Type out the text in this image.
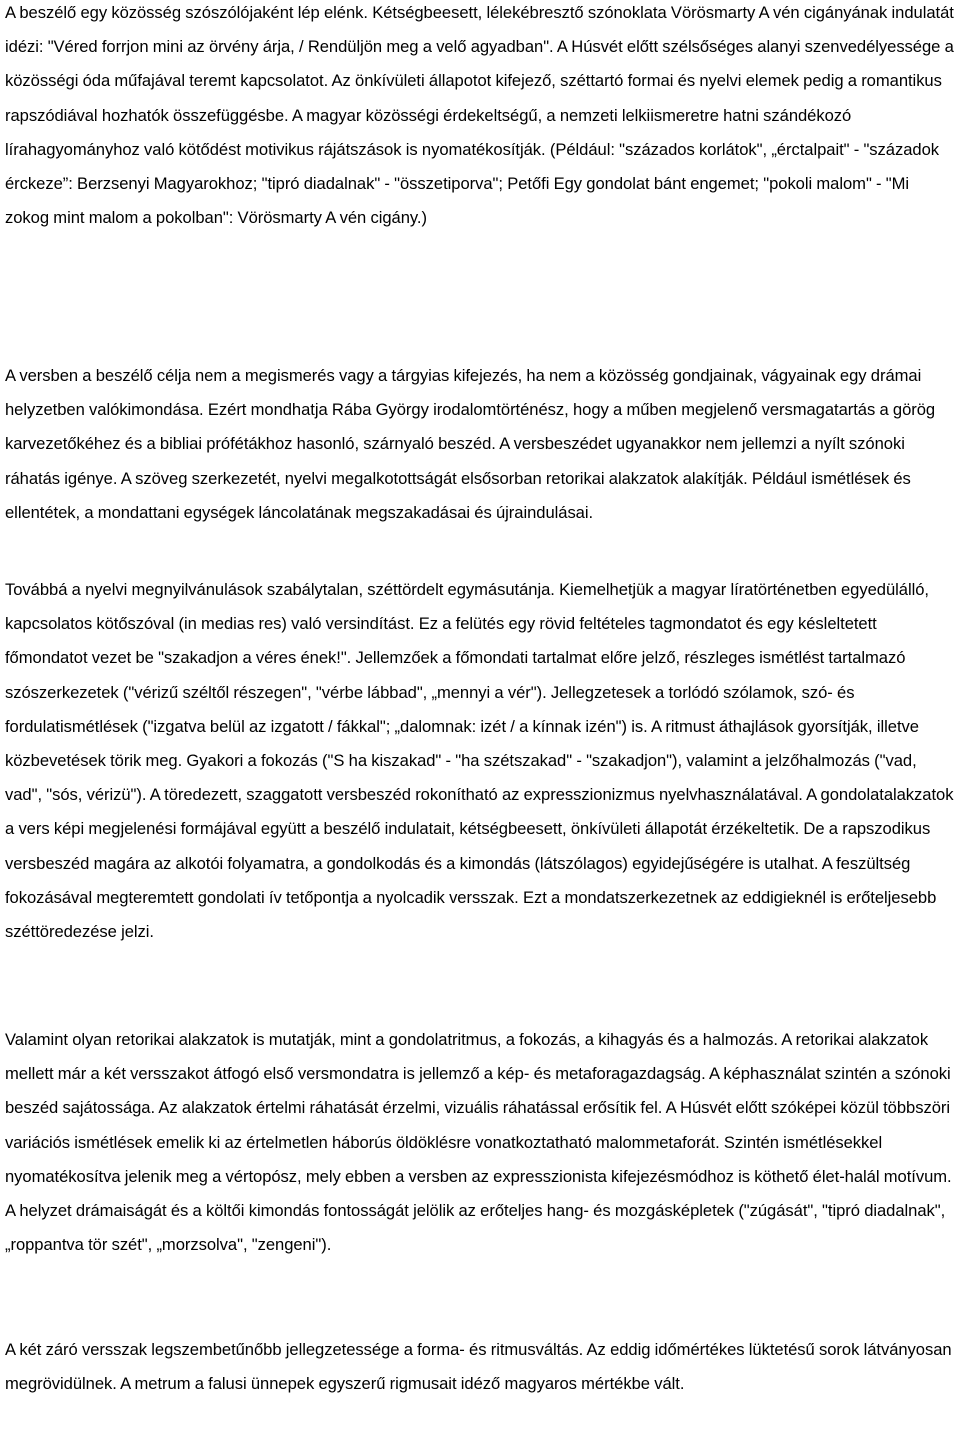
A beszélő egy közösség szószólójaként lép elénk. Kétségbeesett, lélekébresztő szónoklata Vörösmarty A vén cigányának indulatát idézi: "Véred forrjon mini az örvény árja, / Rendüljön meg a velő agyadban". A Húsvét előtt szélsőséges alanyi szenvedélyessége a közösségi óda műfajával teremt kapcsolatot. Az önkívületi állapotot kifejező, széttartó formai és nyelvi elemek pedig a romantikus rapszódiával hozhatók összefüggésbe. A magyar közösségi érdekeltségű, a nemzeti lelkiismeretre hatni szándékozó lírahagyományhoz való kötődést motivikus rájátszások is nyomatékosítják. (Például: "százados korlátok", „érctalpait" - "századok érckeze”: Berzsenyi Magyarokhoz; "tipró diadalnak" - "összetiporva"; Petőfi Egy gondolat bánt engemet; "pokoli malom" - "Mi zokog mint malom a pokolban": Vörösmarty A vén cigány.)

A versben a beszélő célja nem a megismerés vagy a tárgyias kifejezés, ha nem a közösség gondjainak, vágyainak egy drámai helyzetben valókimondása. Ezért mondhatja Rába György irodalomtörténész, hogy a műben megjelenő versmagatartás a görög karvezetőkéhez és a bibliai prófétákhoz hasonló, szárnyaló beszéd. A versbeszédet ugyanakkor nem jellemzi a nyílt szónoki ráhatás igénye. A szöveg szerkezetét, nyelvi megalkotottságát elsősorban retorikai alakzatok alakítják. Például ismétlések és ellentétek, a mondattani egységek láncolatának megszakadásai és újraindulásai.

Továbbá a nyelvi megnyilvánulások szabálytalan, széttördelt egymásutánja. Kiemelhetjük a magyar líratörténetben egyedülálló, kapcsolatos kötőszóval (in medias res) való versindítást. Ez a felütés egy rövid feltételes tagmondatot és egy késleltetett főmondatot vezet be "szakadjon a véres ének!". Jellemzőek a főmondati tartalmat előre jelző, részleges ismétlést tartalmazó szószerkezetek ("vérizű széltől részegen", "vérbe lábbad", „mennyi a vér"). Jellegzetesek a torlódó szólamok, szó- és fordulatismétlések ("izgatva belül az izgatott / fákkal"; „dalomnak: izét / a kínnak izén") is. A ritmust áthajlások gyorsítják, illetve közbevetések törik meg. Gyakori a fokozás ("S ha kiszakad" - "ha szétszakad" - "szakadjon"), valamint a jelzőhalmozás ("vad, vad", "sós, vérizü"). A töredezett, szaggatott versbeszéd rokonítható az expresszionizmus nyelvhasználatával. A gondolatalakzatok a vers képi megjelenési formájával együtt a beszélő indulatait, kétségbeesett, önkívületi állapotát érzékeltetik. De a rapszodikus versbeszéd magára az alkotói folyamatra, a gondolkodás és a kimondás (látszólagos) egyidejűségére is utalhat. A feszültség fokozásával megteremtett gondolati ív tetőpontja a nyolcadik versszak. Ezt a mondatszerkezetnek az eddigieknél is erőteljesebb széttöredezése jelzi.

Valamint olyan retorikai alakzatok is mutatják, mint a gondolatritmus, a fokozás, a kihagyás és a halmozás. A retorikai alakzatok mellett már a két versszakot átfogó első versmondatra is jellemző a kép- és metaforagazdagság. A képhasználat szintén a szónoki beszéd sajátossága. Az alakzatok értelmi ráhatását érzelmi, vizuális ráhatással erősítik fel. A Húsvét előtt szóképei közül többszöri variációs ismétlések emelik ki az értelmetlen háborús öldöklésre vonatkoztatható malommetaforát. Szintén ismétlésekkel nyomatékosítva jelenik meg a vértopósz, mely ebben a versben az expresszionista kifejezésmódhoz is köthető élet-halál motívum. A helyzet drámaiságát és a költői kimondás fontosságát jelölik az erőteljes hang- és mozgásképletek ("zúgását", "tipró diadalnak", „roppantva tör szét", „morzsolva", "zengeni").

A két záró versszak legszembetűnőbb jellegzetessége a forma- és ritmusváltás. Az eddig időmértékes lüktetésű sorok látványosan megrövidülnek. A metrum a falusi ünnepek egyszerű rigmusait idéző magyaros mértékbe vált.
